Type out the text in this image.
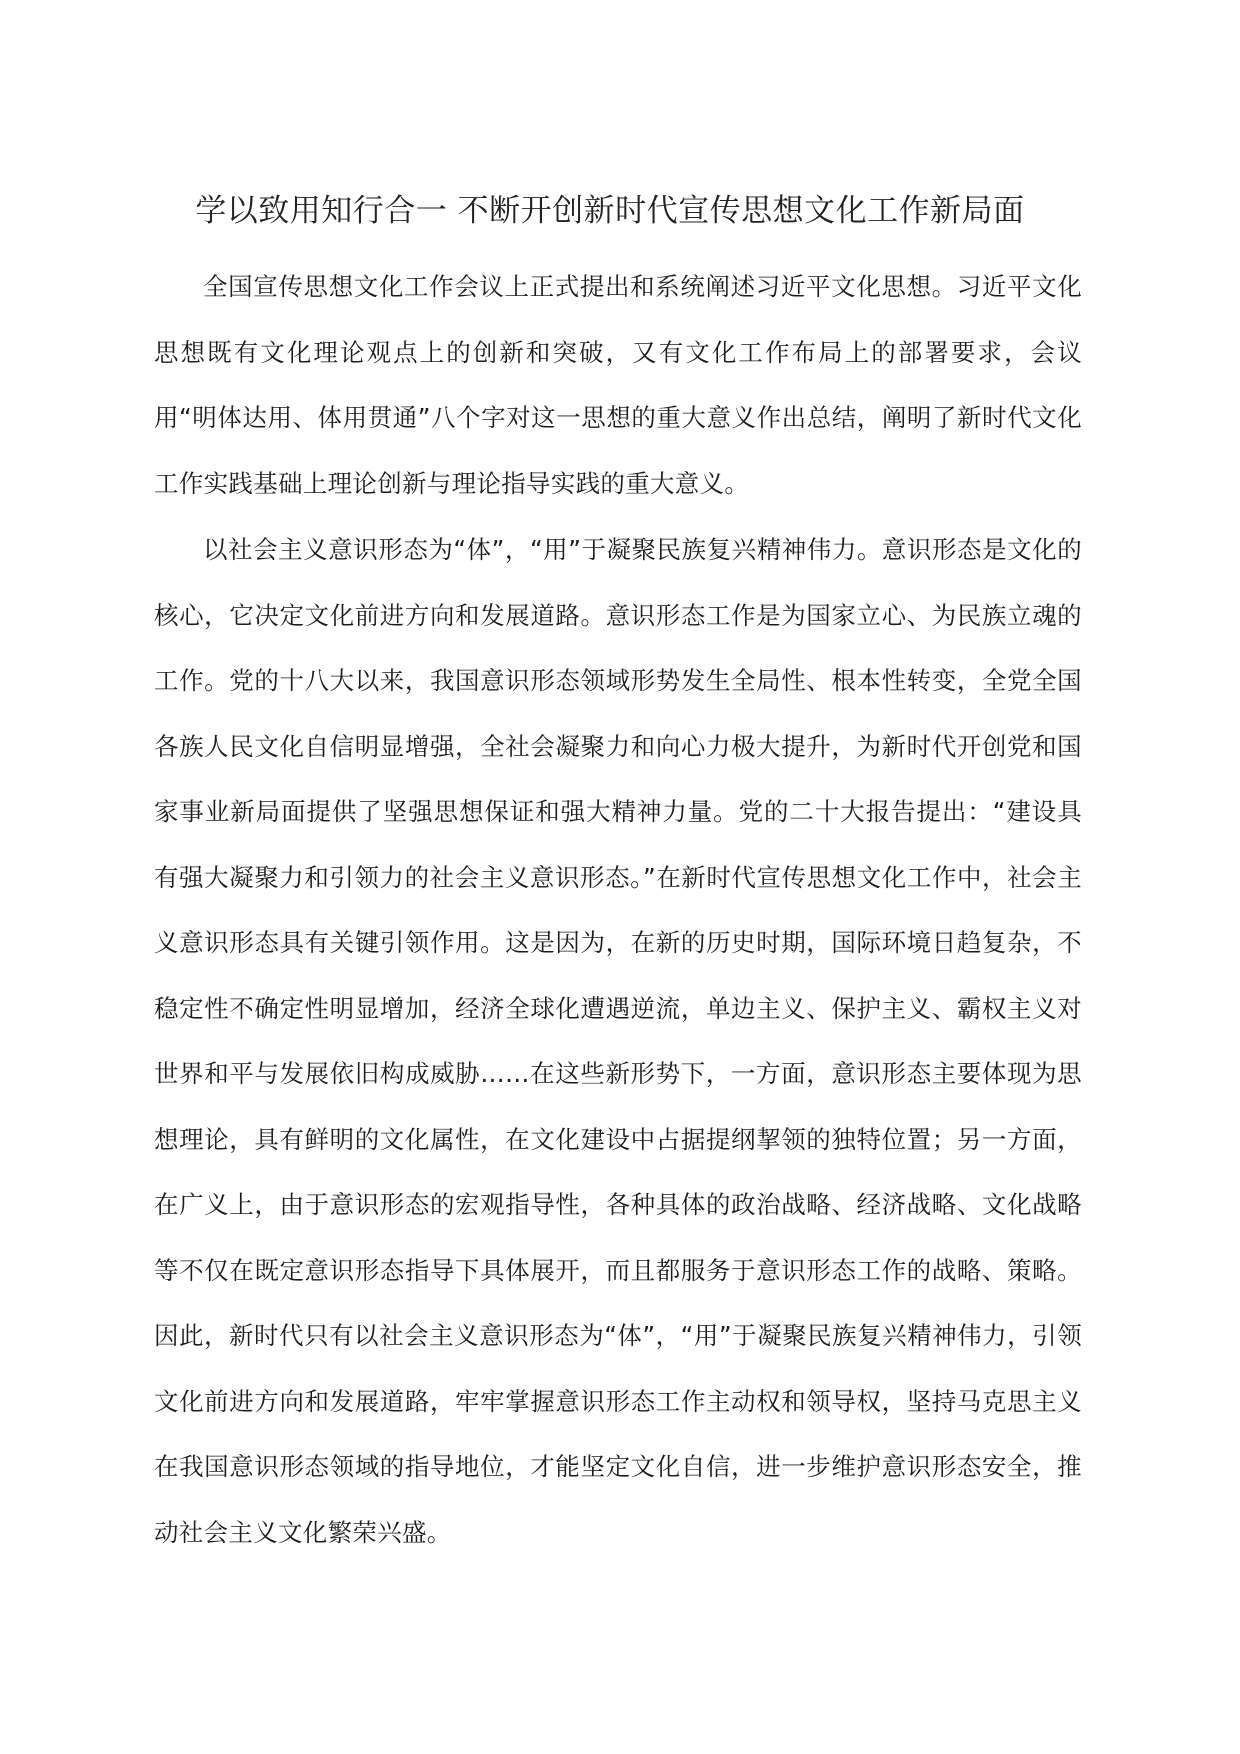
学以致用知行合一 不断开创新时代宣传思想文化工作新局面

全国宣传思想文化工作会议上正式提出和系统阐述习近平文化思想。习近平文化思想既有文化理论观点上的创新和突破，又有文化工作布局上的部署要求，会议用“明体达用、体用贯通”八个字对这一思想的重大意义作出总结，阐明了新时代文化工作实践基础上理论创新与理论指导实践的重大意义。

以社会主义意识形态为“体”，“用”于凝聚民族复兴精神伟力。意识形态是文化的核心，它决定文化前进方向和发展道路。意识形态工作是为国家立心、为民族立魂的工作。党的十八大以来，我国意识形态领域形势发生全局性、根本性转变，全党全国各族人民文化自信明显增强，全社会凝聚力和向心力极大提升，为新时代开创党和国家事业新局面提供了坚强思想保证和强大精神力量。党的二十大报告提出：“建设具有强大凝聚力和引领力的社会主义意识形态。”在新时代宣传思想文化工作中，社会主义意识形态具有关键引领作用。这是因为，在新的历史时期，国际环境日趋复杂，不稳定性不确定性明显增加，经济全球化遭遇逆流，单边主义、保护主义、霸权主义对世界和平与发展依旧构成威胁……在这些新形势下，一方面，意识形态主要体现为思想理论，具有鲜明的文化属性，在文化建设中占据提纲挈领的独特位置；另一方面，在广义上，由于意识形态的宏观指导性，各种具体的政治战略、经济战略、文化战略等不仅在既定意识形态指导下具体展开，而且都服务于意识形态工作的战略、策略。因此，新时代只有以社会主义意识形态为“体”，“用”于凝聚民族复兴精神伟力，引领文化前进方向和发展道路，牢牢掌握意识形态工作主动权和领导权，坚持马克思主义在我国意识形态领域的指导地位，才能坚定文化自信，进一步维护意识形态安全，推动社会主义文化繁荣兴盛。
